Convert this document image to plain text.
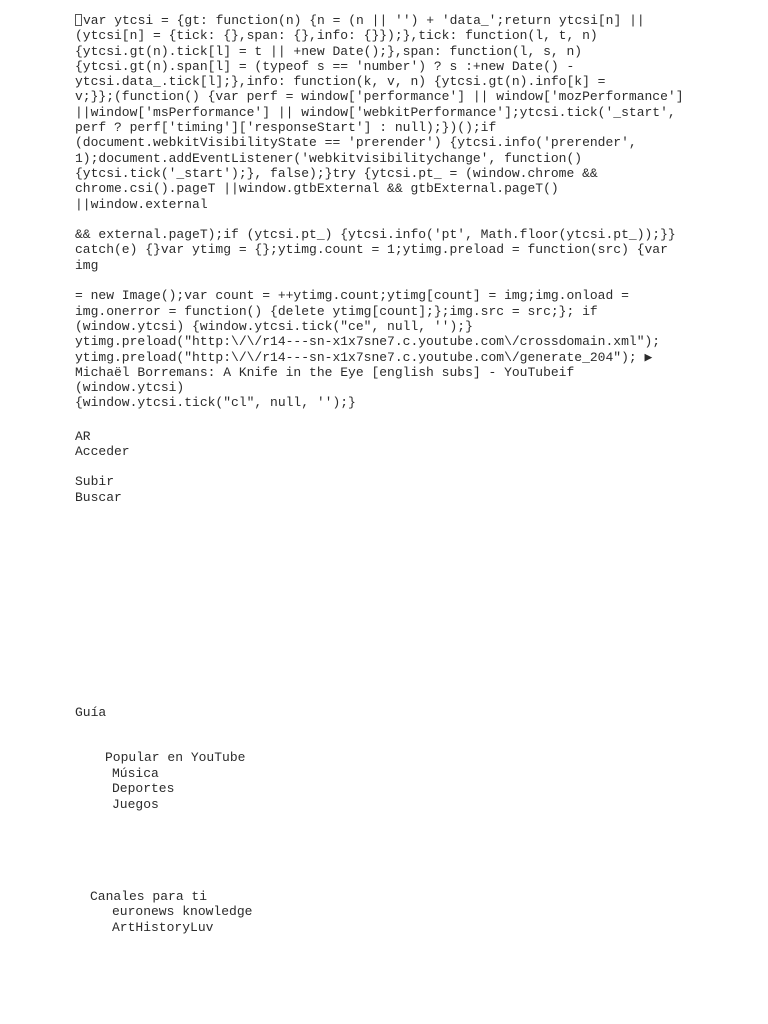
var ytcsi = {gt: function(n) {n = (n || '') + 'data_';return ytcsi[n] ||
(ytcsi[n] = {tick: {},span: {},info: {}});},tick: function(l, t, n)
{ytcsi.gt(n).tick[l] = t || +new Date();},span: function(l, s, n)
{ytcsi.gt(n).span[l] = (typeof s == 'number') ? s :+new Date() -
ytcsi.data_.tick[l];},info: function(k, v, n) {ytcsi.gt(n).info[k] =
v;}};(function() {var perf = window['performance'] || window['mozPerformance']
||window['msPerformance'] || window['webkitPerformance'];ytcsi.tick('_start',
perf ? perf['timing']['responseStart'] : null);})();if
(document.webkitVisibilityState == 'prerender') {ytcsi.info('prerender',
1);document.addEventListener('webkitvisibilitychange', function()
{ytcsi.tick('_start');}, false);}try {ytcsi.pt_ = (window.chrome &&
chrome.csi().pageT ||window.gtbExternal && gtbExternal.pageT() ||window.external

&& external.pageT);if (ytcsi.pt_) {ytcsi.info('pt', Math.floor(ytcsi.pt_));}}
catch(e) {}var ytimg = {};ytimg.count = 1;ytimg.preload = function(src) {var img

= new Image();var count = ++ytimg.count;ytimg[count] = img;img.onload =
img.onerror = function() {delete ytimg[count];};img.src = src;}; if
(window.ytcsi) {window.ytcsi.tick("ce", null, '');}
ytimg.preload("http:\/\/r14---sn-x1x7sne7.c.youtube.com\/crossdomain.xml");
ytimg.preload("http:\/\/r14---sn-x1x7sne7.c.youtube.com\/generate_204"); ▶
Michaël Borremans: A Knife in the Eye [english subs] - YouTubeif (window.ytcsi)
{window.ytcsi.tick("cl", null, '');}
AR
Acceder
Subir
Buscar
Guía
Popular en YouTube
Música
Deportes
Juegos
Canales para ti
euronews knowledge
ArtHistoryLuv
